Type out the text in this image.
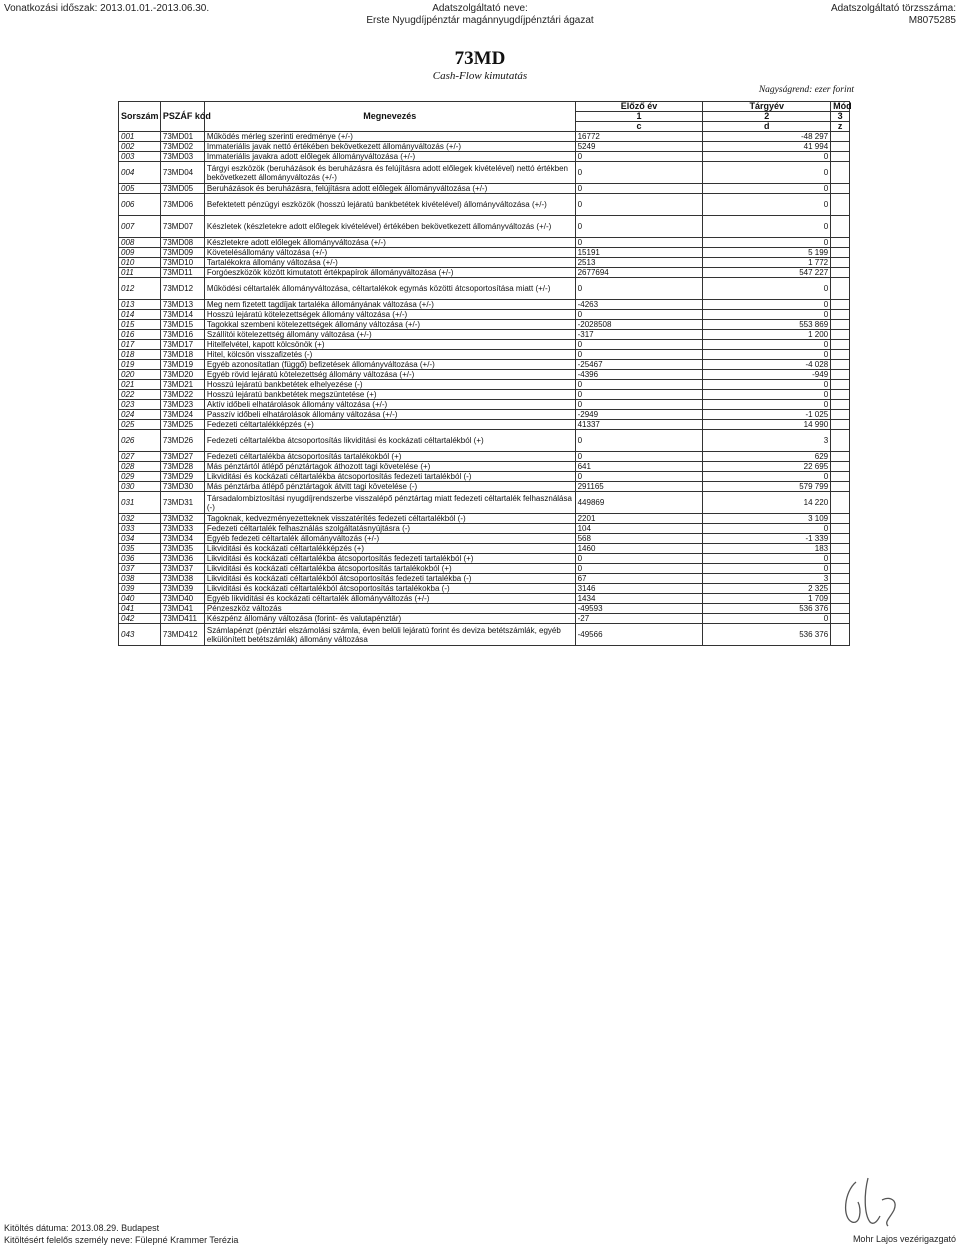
Vonatkozási időszak: 2013.01.01.-2013.06.30.	Adatszolgáltató neve:
Erste Nyugdíjpénztár magánnyugdíjpénztári ágazat
Adatszolgáltató törzsszáma:
M8075285
73MD
Cash-Flow kimutatás
Nagyságrend: ezer forint
Sorszám	PSZÁF kód	Megnevezés	Előző év	Tárgyév	Mód
			1	2	3
			c	d	z
001	73MD01	Működés mérleg szerinti eredménye (+/-)	16772	-48 297	
002	73MD02	Immateriális javak nettó értékében bekövetkezett állományváltozás (+/-)	5249	41 994	
003	73MD03	Immateriális javakra adott előlegek állományváltozása (+/-)	0	0	
004	73MD04	Tárgyi eszközök (beruházások és beruházásra és felújításra adott előlegek kivételével) nettó értékben bekövetkezett állományváltozás (+/-)	0	0	
005	73MD05	Beruházások és beruházásra, felújításra adott előlegek állományváltozása (+/-)	0	0	
006	73MD06	Befektetett pénzügyi eszközök (hosszú lejáratú bankbetétek kivételével) állományváltozása (+/-)	0	0	
007	73MD07	Készletek (készletekre adott előlegek kivételével) értékében bekövetkezett állományváltozás (+/-)	0	0	
008	73MD08	Készletekre adott előlegek állományváltozása (+/-)	0	0	
009	73MD09	Követelésállomány változása (+/-)	15191	5 199	
010	73MD10	Tartalékokra állomány változása (+/-)	2513	1 772	
011	73MD11	Forgóeszközök között kimutatott értékpapírok állományváltozása (+/-)	2677694	547 227	
012	73MD12	Működési céltartalék állományváltozása, céltartalékok egymás közötti átcsoportosítása miatt (+/-)	0	0	
013	73MD13	Meg nem fizetett tagdíjak tartaléka állományának változása (+/-)	-4263	0	
014	73MD14	Hosszú lejáratú kötelezettségek állomány változása (+/-)	0	0	
015	73MD15	Tagokkal szembeni kötelezettségek állomány változása (+/-)	-2028508	553 869	
016	73MD16	Szállítói kötelezettség állomány változása (+/-)	-317	1 200	
017	73MD17	Hitelfelvétel, kapott kölcsönök (+)	0	0	
018	73MD18	Hitel, kölcsön visszafizetés (-)	0	0	
019	73MD19	Egyéb azonosítatlan (függő) befizetések állományváltozása (+/-)	-25467	-4 028	
020	73MD20	Egyéb rövid lejáratú kötelezettség állomány változása (+/-)	-4396	-949	
021	73MD21	Hosszú lejáratú bankbetétek elhelyezése (-)	0	0	
022	73MD22	Hosszú lejáratú bankbetétek megszüntetése (+)	0	0	
023	73MD23	Aktív időbeli elhatárolások állomány változása (+/-)	0	0	
024	73MD24	Passzív időbeli elhatárolások állomány változása (+/-)	-2949	-1 025	
025	73MD25	Fedezeti céltartalékképzés (+)	41337	14 990	
026	73MD26	Fedezeti céltartalékba átcsoportosítás likviditási és kockázati céltartalékból (+)	0	3	
027	73MD27	Fedezeti céltartalékba átcsoportosítás tartalékokból (+)	0	629	
028	73MD28	Más pénztártól átlépő pénztártagok áthozott tagi követelése (+)	641	22 695	
029	73MD29	Likviditási és kockázati céltartalékba átcsoportosítás fedezeti tartalékból (-)	0	0	
030	73MD30	Más pénztárba átlépő pénztártagok átvitt tagi követelése (-)	291165	579 799	
031	73MD31	Társadalombiztosítási nyugdíjrendszerbe visszalépő pénztártag miatt fedezeti céltartalék felhasználása (-)	449869	14 220	
032	73MD32	Tagoknak, kedvezményezetteknek visszatérítés fedezeti céltartalékból (-)	2201	3 109	
033	73MD33	Fedezeti céltartalék felhasználás szolgáltatásnyújtásra (-)	104	0	
034	73MD34	Egyéb fedezeti céltartalék állományváltozás (+/-)	568	-1 339	
035	73MD35	Likviditási és kockázati céltartalékképzés (+)	1460	183	
036	73MD36	Likviditási és kockázati céltartalékba átcsoportosítás fedezeti tartalékból (+)	0	0	
037	73MD37	Likviditási és kockázati céltartalékba átcsoportosítás tartalékokból (+)	0	0	
038	73MD38	Likviditási és kockázati céltartalékból átcsoportosítás fedezeti tartalékba (-)	67	3	
039	73MD39	Likviditási és kockázati céltartalékból átcsoportosítás tartalékokba (-)	3146	2 325	
040	73MD40	Egyéb likviditási és kockázati céltartalék állományváltozás (+/-)	1434	1 709	
041	73MD41	Pénzeszköz változás	-49593	536 376	
042	73MD411	Készpénz állomány változása (forint- és valutapénztár)	-27	0	
043	73MD412	Számlapénzt (pénztári elszámolási számla, éven belüli lejáratú forint és deviza betétszámlák, egyéb elkülönített betétszámlák) állomány változása	-49566	536 376	
Kitöltés dátuma: 2013.08.29. Budapest
Kitöltésért felelős személy neve: Fülepné Krammer Terézia	Mohr Lajos vezérigazgató
